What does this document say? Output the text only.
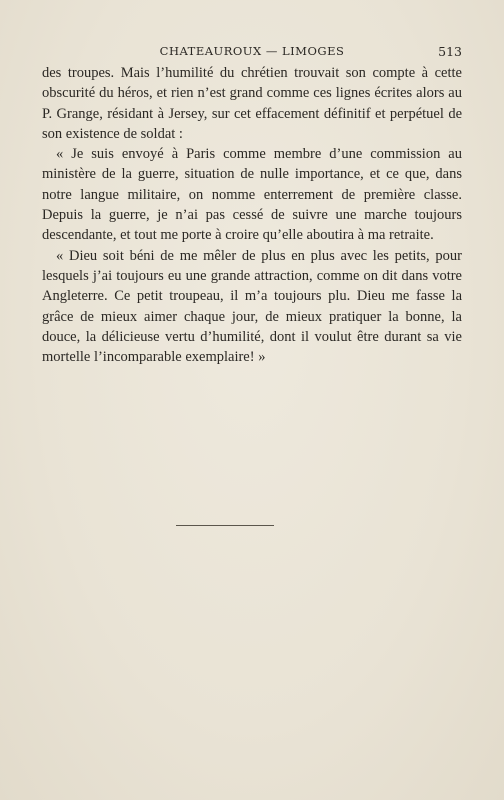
CHATEAUROUX — LIMOGES	513

des troupes. Mais l’humilité du chrétien trouvait son compte à cette obscurité du héros, et rien n’est grand comme ces lignes écrites alors au P. Grange, résidant à Jersey, sur cet effacement définitif et perpétuel de son existence de soldat :

« Je suis envoyé à Paris comme membre d’une commission au ministère de la guerre, situation de nulle importance, et ce que, dans notre langue militaire, on nomme enterrement de première classe. Depuis la guerre, je n’ai pas cessé de suivre une marche toujours descendante, et tout me porte à croire qu’elle aboutira à ma retraite.

« Dieu soit béni de me mêler de plus en plus avec les petits, pour lesquels j’ai toujours eu une grande attraction, comme on dit dans votre Angleterre. Ce petit troupeau, il m’a toujours plu. Dieu me fasse la grâce de mieux aimer chaque jour, de mieux pratiquer la bonne, la douce, la délicieuse vertu d’humilité, dont il voulut être durant sa vie mortelle l’incomparable exemplaire! »
